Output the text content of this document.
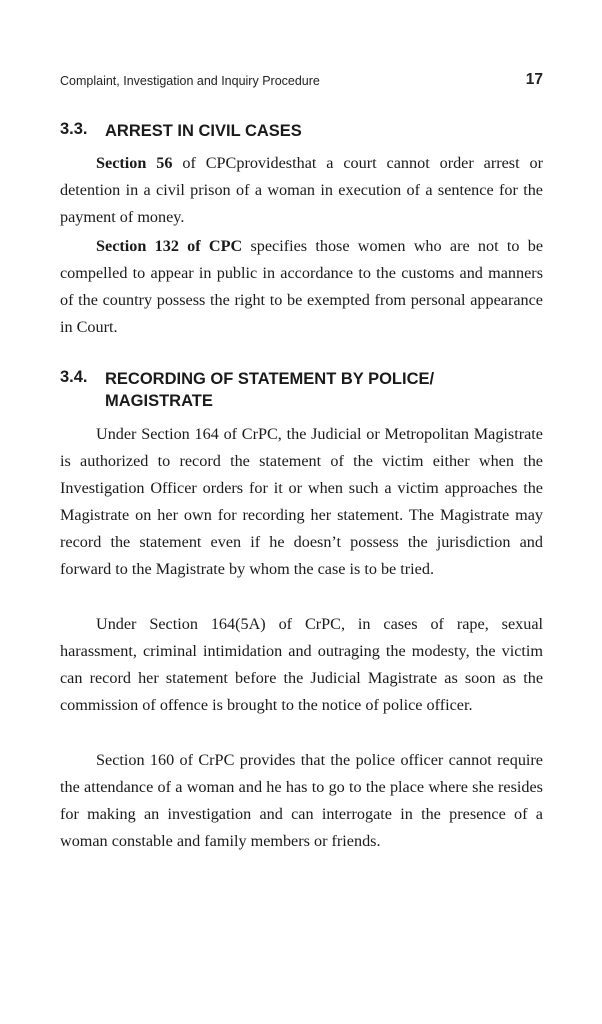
Complaint, Investigation and Inquiry Procedure	17
3.3. ARREST IN CIVIL CASES

Section 56 of CPCprovidesthat a court cannot order arrest or detention in a civil prison of a woman in execution of a sentence for the payment of money.

Section 132 of CPC specifies those women who are not to be compelled to appear in public in accordance to the customs and manners of the country possess the right to be exempted from personal appearance in Court.

3.4. RECORDING OF STATEMENT BY POLICE/
MAGISTRATE

Under Section 164 of CrPC, the Judicial or Metropolitan Magistrate is authorized to record the statement of the victim either when the Investigation Officer orders for it or when such a victim approaches the Magistrate on her own for recording her statement. The Magistrate may record the statement even if he doesn’t possess the jurisdiction and forward to the Magistrate by whom the case is to be tried.

Under Section 164(5A) of CrPC, in cases of rape, sexual harassment, criminal intimidation and outraging the modesty, the victim can record her statement before the Judicial Magistrate as soon as the commission of offence is brought to the notice of police officer.

Section 160 of CrPC provides that the police officer cannot require the attendance of a woman and he has to go to the place where she resides for making an investigation and can interrogate in the presence of a woman constable and family members or friends.
